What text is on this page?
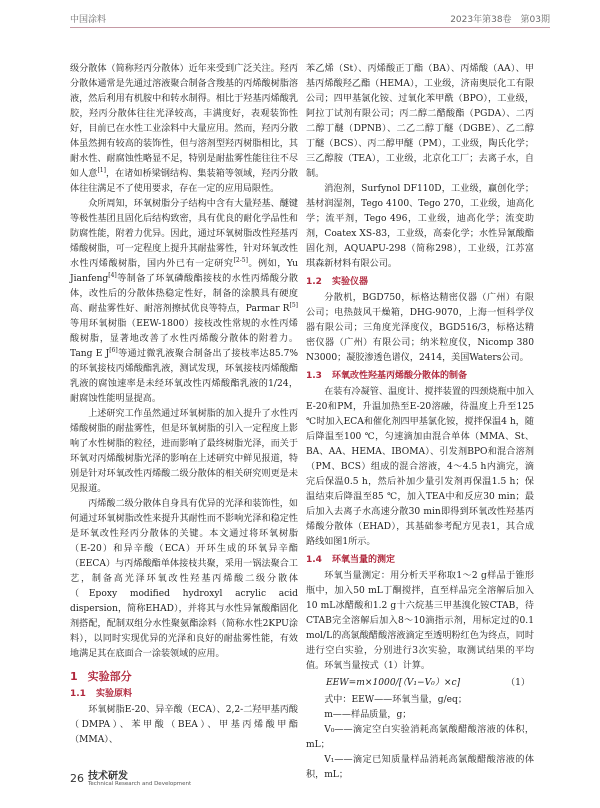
中国涂料	2023年第38卷　第03期

级分散体（简称羟丙分散体）近年来受到广泛关注。羟丙分散体通常是先通过溶液聚合制备含羧基的丙烯酸树脂溶液，然后利用有机胺中和转水制得。相比于羟基丙烯酸乳胶，羟丙分散体往往光泽较高，丰满度好，表观装饰性好，目前已在水性工业涂料中大量应用。然而，羟丙分散体虽然拥有较高的装饰性，但与溶剂型羟丙树脂相比，其耐水性、耐腐蚀性略显不足，特别是耐盐雾性能往往不尽如人意[1]，在诸如桥梁钢结构、集装箱等领域，羟丙分散体往往满足不了使用要求，存在一定的应用局限性。

众所周知，环氧树脂分子结构中含有大量羟基、醚键等极性基团且固化后结构致密，具有优良的耐化学品性和防腐性能，附着力优异。因此，通过环氧树脂改性羟基丙烯酸树脂，可一定程度上提升其耐盐雾性，针对环氧改性水性丙烯酸树脂，国内外已有一定研究[2-5]。例如，Yu Jianfeng[4]等制备了环氧磷酸酯接枝的水性丙烯酸分散体，改性后的分散体热稳定性好，制备的涂膜具有硬度高、耐盐雾性好、耐溶剂擦拭优良等特点，Parmar R[5]等用环氧树脂（EEW-1800）接枝改性常规的水性丙烯酸树脂，显著地改善了水性丙烯酸分散体的附着力。Tang E J[6]等通过微乳液聚合制备出了接枝率达85.7%的环氧接枝丙烯酸酯乳液，测试发现，环氧接枝丙烯酸酯乳液的腐蚀速率是未经环氧改性丙烯酸酯乳液的1/24，耐腐蚀性能明显提高。

上述研究工作虽然通过环氧树脂的加入提升了水性丙烯酸树脂的耐盐雾性，但是环氧树脂的引入一定程度上影响了水性树脂的粒径，进而影响了最终树脂光泽，而关于环氧对丙烯酸树脂光泽的影响在上述研究中鲜见报道，特别是针对环氧改性丙烯酸二级分散体的相关研究则更是未见报道。

丙烯酸二级分散体自身具有优异的光泽和装饰性，如何通过环氧树脂改性来提升其耐性而不影响光泽和稳定性是环氧改性羟丙分散体的关键。本文通过将环氧树脂（E-20）和异辛酸（ECA）开环生成的环氧异辛酯（EECA）与丙烯酸酯单体接枝共聚，采用一锅法聚合工艺，制备高光泽环氧改性羟基丙烯酸二级分散体（Epoxy modified hydroxyl acrylic acid dispersion，简称EHAD），并将其与水性异氰酸酯固化剂搭配，配制双组分水性聚氨酯涂料（简称水性2KPU涂料），以同时实现优异的光泽和良好的耐盐雾性能，有效地满足其在底面合一涂装领域的应用。

1 实验部分
1.1 实验原料

环氧树脂E-20、异辛酸（ECA）、2,2-二羟甲基丙酸（DMPA）、苯甲酸（BEA）、甲基丙烯酸甲酯（MMA）、

苯乙烯（St）、丙烯酸正丁酯（BA）、丙烯酸（AA）、甲基丙烯酸羟乙酯（HEMA），工业级，济南奥辰化工有限公司；四甲基氯化铵、过氧化苯甲酰（BPO），工业级，阿拉丁试剂有限公司；丙二醇二醋酸酯（PGDA）、二丙二醇丁醚（DPNB）、二乙二醇丁醚（DGBE）、乙二醇丁醚（BCS）、丙二醇甲醚（PM），工业级，陶氏化学；三乙醇胺（TEA），工业级，北京化工厂；去离子水，自制。

消泡剂，Surfynol DF110D，工业级，赢创化学；基材润湿剂，Tego 4100、Tego 270，工业级，迪高化学；流平剂，Tego 496，工业级，迪高化学；流变助剂，Coatex XS-83，工业级，高泰化学；水性异氰酸酯固化剂，AQUAPU-298（简称298），工业级，江苏富琪森新材料有限公司。

1.2 实验仪器

分散机，BGD750，标格达精密仪器（广州）有限公司；电热鼓风干燥箱，DHG-9070，上海一恒科学仪器有限公司；三角度光泽度仪，BGD516/3，标格达精密仪器（广州）有限公司；纳米粒度仪，Nicomp 380 N3000；凝胶渗透色谱仪，2414，美国Waters公司。

1.3 环氧改性羟基丙烯酸分散体的制备

在装有冷凝管、温度计、搅拌装置的四颈烧瓶中加入E-20和PM，升温加热至E-20溶融，待温度上升至125 ℃时加入ECA和催化剂四甲基氯化铵，搅拌保温4 h，随后降温至100 ℃，匀速滴加由混合单体（MMA、St、BA、AA、HEMA、IBOMA）、引发剂BPO和混合溶剂（PM、BCS）组成的混合溶液，4～4.5 h内滴完，滴完后保温0.5 h，然后补加少量引发剂再保温1.5 h；保温结束后降温至85 ℃，加入TEA中和反应30 min；最后加入去离子水高速分散30 min即得到环氧改性羟基丙烯酸分散体（EHAD），其基础参考配方见表1，其合成路线如图1所示。

1.4 环氧当量的测定

环氧当量测定：用分析天平称取1～2 g样品于锥形瓶中，加入50 mL丁酮搅拌，直至样品完全溶解后加入10 mL冰醋酸和1.2 g十六烷基三甲基溴化铵CTAB，待CTAB完全溶解后加入8～10滴指示剂，用标定过的0.1 mol/L的高氯酸醋酸溶液滴定至透明粉红色为终点，同时进行空白实验，分别进行3次实验，取测试结果的平均值。环氧当量按式（1）计算。

EEW=m×1000/[（V₁−V₀）×c]	（1）

式中：EEW——环氧当量，g/eq；

m——样品质量，g；

V₀——滴定空白实验消耗高氯酸醋酸溶液的体积，mL；

V₁——滴定已知质量样品消耗高氯酸醋酸溶液的体积，mL；

26 技术研发
Technical Research and Development
